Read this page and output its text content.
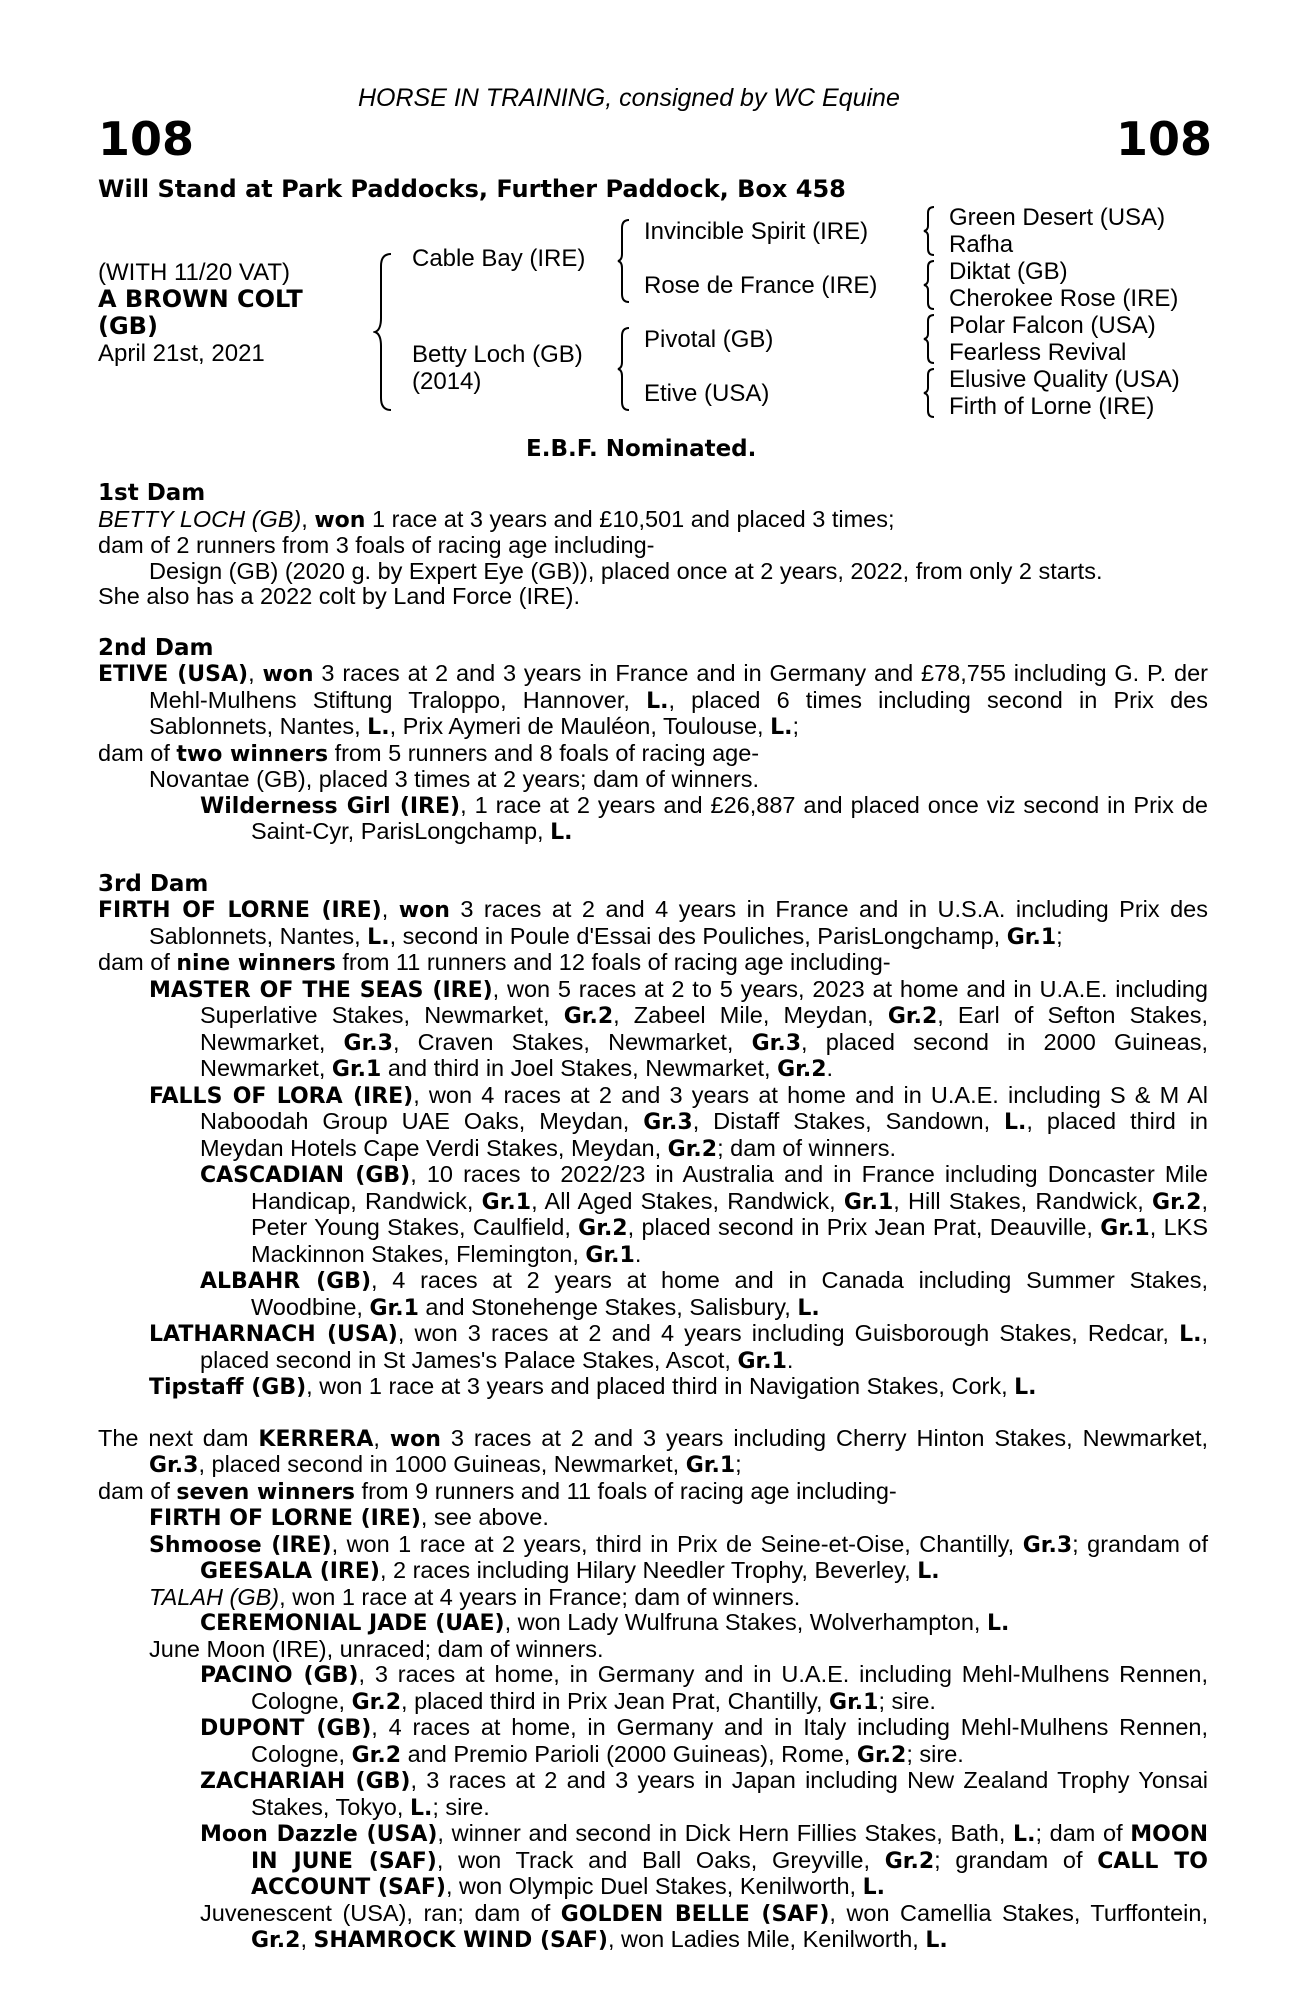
HORSE IN TRAINING, consigned by WC Equine
108	108
Will Stand at Park Paddocks, Further Paddock, Box 458
(WITH 11/20 VAT)
A BROWN COLT
(GB)
April 21st, 2021
Cable Bay (IRE)
Betty Loch (GB)
(2014)
Invincible Spirit (IRE)
Rose de France (IRE)
Pivotal (GB)
Etive (USA)
Green Desert (USA)
Rafha
Diktat (GB)
Cherokee Rose (IRE)
Polar Falcon (USA)
Fearless Revival
Elusive Quality (USA)
Firth of Lorne (IRE)
E.B.F. Nominated.

1st Dam

BETTY LOCH (GB), won 1 race at 3 years and £10,501 and placed 3 times;

dam of 2 runners from 3 foals of racing age including-

Design (GB) (2020 g. by Expert Eye (GB)), placed once at 2 years, 2022, from only 2 starts.

She also has a 2022 colt by Land Force (IRE).

2nd Dam

ETIVE (USA), won 3 races at 2 and 3 years in France and in Germany and £78,755 including G. P. der Mehl-Mulhens Stiftung Traloppo, Hannover, L., placed 6 times including second in Prix des Sablonnets, Nantes, L., Prix Aymeri de Mauléon, Toulouse, L.;

dam of two winners from 5 runners and 8 foals of racing age-

Novantae (GB), placed 3 times at 2 years; dam of winners.

Wilderness Girl (IRE), 1 race at 2 years and £26,887 and placed once viz second in Prix de Saint-Cyr, ParisLongchamp, L.

3rd Dam

FIRTH OF LORNE (IRE), won 3 races at 2 and 4 years in France and in U.S.A. including Prix des Sablonnets, Nantes, L., second in Poule d'Essai des Pouliches, ParisLongchamp, Gr.1;

dam of nine winners from 11 runners and 12 foals of racing age including-

MASTER OF THE SEAS (IRE), won 5 races at 2 to 5 years, 2023 at home and in U.A.E. including Superlative Stakes, Newmarket, Gr.2, Zabeel Mile, Meydan, Gr.2, Earl of Sefton Stakes, Newmarket, Gr.3, Craven Stakes, Newmarket, Gr.3, placed second in 2000 Guineas, Newmarket, Gr.1 and third in Joel Stakes, Newmarket, Gr.2.

FALLS OF LORA (IRE), won 4 races at 2 and 3 years at home and in U.A.E. including S & M Al Naboodah Group UAE Oaks, Meydan, Gr.3, Distaff Stakes, Sandown, L., placed third in Meydan Hotels Cape Verdi Stakes, Meydan, Gr.2; dam of winners.

CASCADIAN (GB), 10 races to 2022/23 in Australia and in France including Doncaster Mile Handicap, Randwick, Gr.1, All Aged Stakes, Randwick, Gr.1, Hill Stakes, Randwick, Gr.2, Peter Young Stakes, Caulfield, Gr.2, placed second in Prix Jean Prat, Deauville, Gr.1, LKS Mackinnon Stakes, Flemington, Gr.1.

ALBAHR (GB), 4 races at 2 years at home and in Canada including Summer Stakes, Woodbine, Gr.1 and Stonehenge Stakes, Salisbury, L.

LATHARNACH (USA), won 3 races at 2 and 4 years including Guisborough Stakes, Redcar, L., placed second in St James's Palace Stakes, Ascot, Gr.1.

Tipstaff (GB), won 1 race at 3 years and placed third in Navigation Stakes, Cork, L.

The next dam KERRERA, won 3 races at 2 and 3 years including Cherry Hinton Stakes, Newmarket, Gr.3, placed second in 1000 Guineas, Newmarket, Gr.1;

dam of seven winners from 9 runners and 11 foals of racing age including-

FIRTH OF LORNE (IRE), see above.

Shmoose (IRE), won 1 race at 2 years, third in Prix de Seine-et-Oise, Chantilly, Gr.3; grandam of GEESALA (IRE), 2 races including Hilary Needler Trophy, Beverley, L.

TALAH (GB), won 1 race at 4 years in France; dam of winners.

CEREMONIAL JADE (UAE), won Lady Wulfruna Stakes, Wolverhampton, L.

June Moon (IRE), unraced; dam of winners.

PACINO (GB), 3 races at home, in Germany and in U.A.E. including Mehl-Mulhens Rennen, Cologne, Gr.2, placed third in Prix Jean Prat, Chantilly, Gr.1; sire.

DUPONT (GB), 4 races at home, in Germany and in Italy including Mehl-Mulhens Rennen, Cologne, Gr.2 and Premio Parioli (2000 Guineas), Rome, Gr.2; sire.

ZACHARIAH (GB), 3 races at 2 and 3 years in Japan including New Zealand Trophy Yonsai Stakes, Tokyo, L.; sire.

Moon Dazzle (USA), winner and second in Dick Hern Fillies Stakes, Bath, L.; dam of MOON IN JUNE (SAF), won Track and Ball Oaks, Greyville, Gr.2; grandam of CALL TO ACCOUNT (SAF), won Olympic Duel Stakes, Kenilworth, L.

Juvenescent (USA), ran; dam of GOLDEN BELLE (SAF), won Camellia Stakes, Turffontein, Gr.2, SHAMROCK WIND (SAF), won Ladies Mile, Kenilworth, L.
